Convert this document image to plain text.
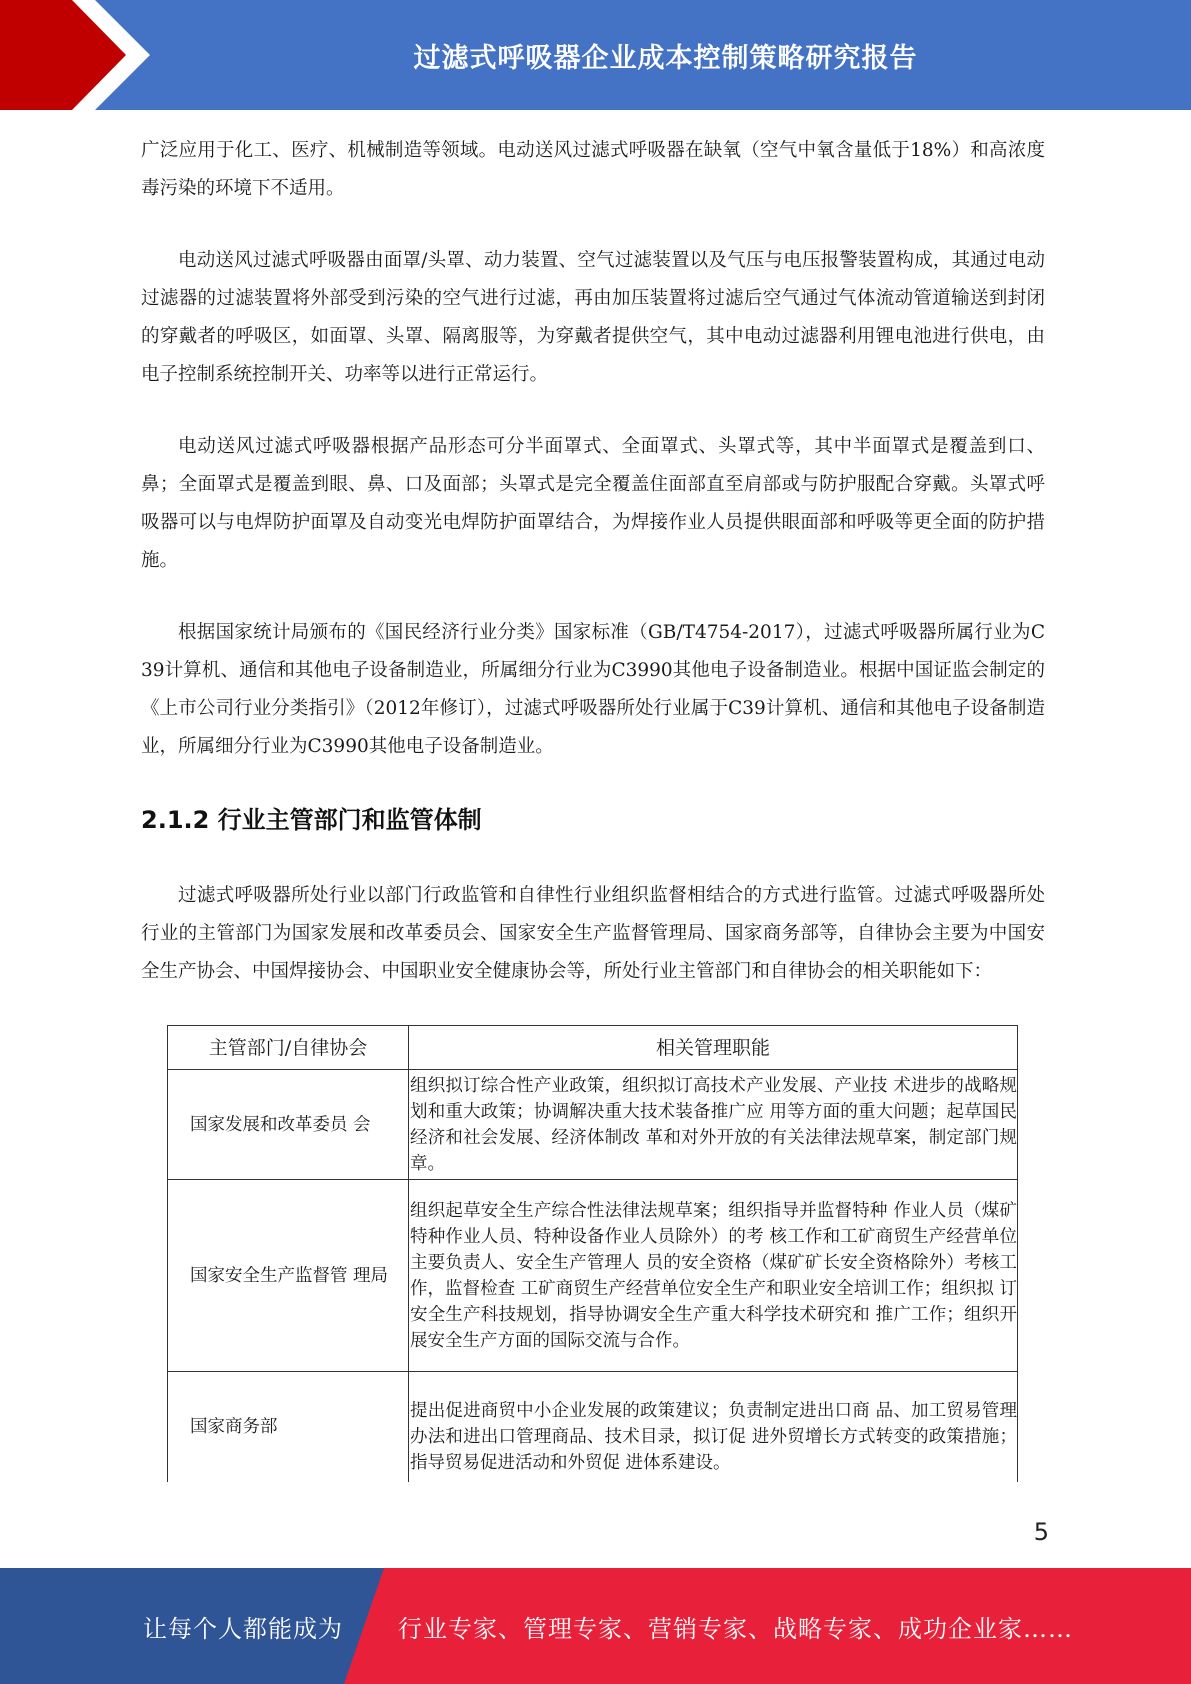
过滤式呼吸器企业成本控制策略研究报告

广泛应用于化工、医疗、机械制造等领域。电动送风过滤式呼吸器在缺氧（空气中氧含量低于18%）和高浓度毒污染的环境下不适用。

电动送风过滤式呼吸器由面罩/头罩、动力装置、空气过滤装置以及气压与电压报警装置构成，其通过电动过滤器的过滤装置将外部受到污染的空气进行过滤，再由加压装置将过滤后空气通过气体流动管道输送到封闭的穿戴者的呼吸区，如面罩、头罩、隔离服等，为穿戴者提供空气，其中电动过滤器利用锂电池进行供电，由电子控制系统控制开关、功率等以进行正常运行。

电动送风过滤式呼吸器根据产品形态可分半面罩式、全面罩式、头罩式等，其中半面罩式是覆盖到口、鼻；全面罩式是覆盖到眼、鼻、口及面部；头罩式是完全覆盖住面部直至肩部或与防护服配合穿戴。头罩式呼吸器可以与电焊防护面罩及自动变光电焊防护面罩结合，为焊接作业人员提供眼面部和呼吸等更全面的防护措施。

根据国家统计局颁布的《国民经济行业分类》国家标准（GB/T4754-2017），过滤式呼吸器所属行业为C39计算机、通信和其他电子设备制造业，所属细分行业为C3990其他电子设备制造业。根据中国证监会制定的《上市公司行业分类指引》（2012年修订），过滤式呼吸器所处行业属于C39计算机、通信和其他电子设备制造业，所属细分行业为C3990其他电子设备制造业。

2.1.2 行业主管部门和监管体制

过滤式呼吸器所处行业以部门行政监管和自律性行业组织监督相结合的方式进行监管。过滤式呼吸器所处行业的主管部门为国家发展和改革委员会、国家安全生产监督管理局、国家商务部等，自律协会主要为中国安全生产协会、中国焊接协会、中国职业安全健康协会等，所处行业主管部门和自律协会的相关职能如下：

主管部门/自律协会	相关管理职能
国家发展和改革委员 会	组织拟订综合性产业政策，组织拟订高技术产业发展、产业技 术进步的战略规划和重大政策；协调解决重大技术装备推广应 用等方面的重大问题；起草国民经济和社会发展、经济体制改 革和对外开放的有关法律法规草案，制定部门规章。
国家安全生产监督管 理局	组织起草安全生产综合性法律法规草案；组织指导并监督特种 作业人员（煤矿特种作业人员、特种设备作业人员除外）的考 核工作和工矿商贸生产经营单位主要负责人、安全生产管理人 员的安全资格（煤矿矿长安全资格除外）考核工作，监督检查 工矿商贸生产经营单位安全生产和职业安全培训工作；组织拟 订安全生产科技规划，指导协调安全生产重大科学技术研究和 推广工作；组织开展安全生产方面的国际交流与合作。
国家商务部	提出促进商贸中小企业发展的政策建议；负责制定进出口商 品、加工贸易管理办法和进出口管理商品、技术目录，拟订促 进外贸增长方式转变的政策措施；指导贸易促进活动和外贸促 进体系建设。
5
让每个人都能成为 行业专家、管理专家、营销专家、战略专家、成功企业家……
